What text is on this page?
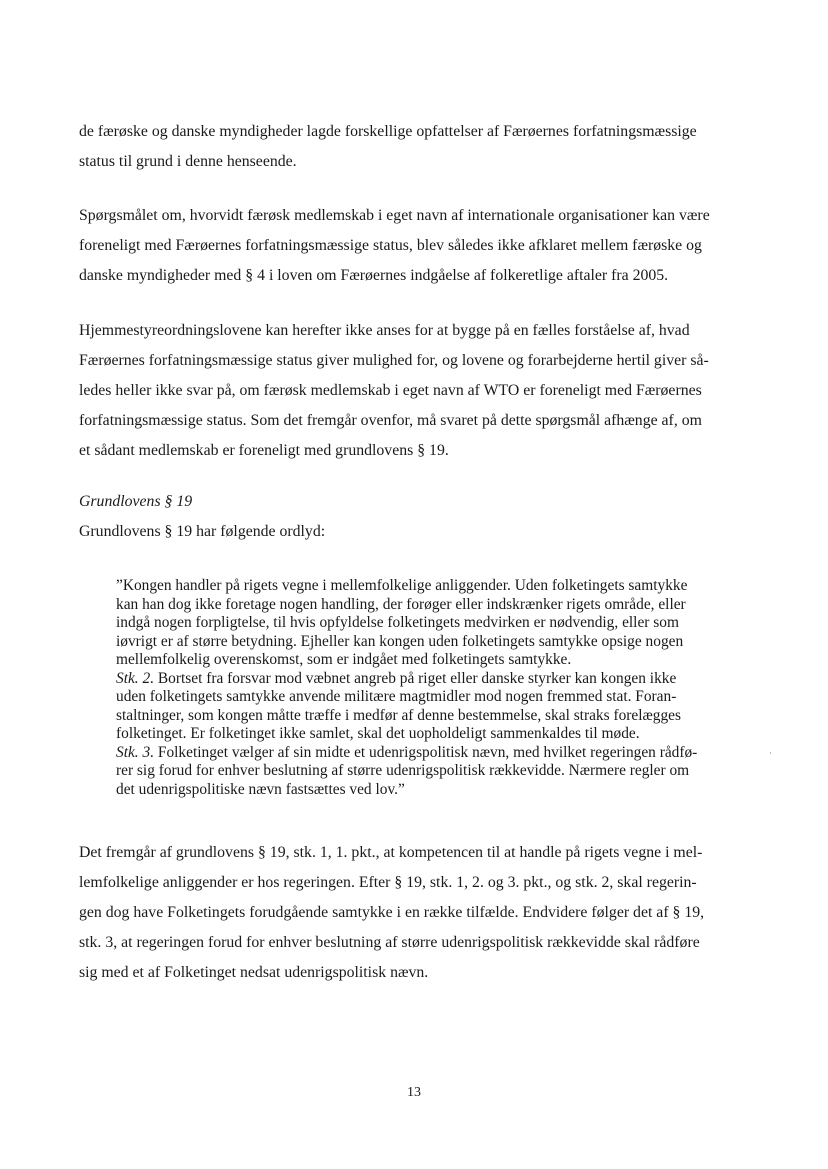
de færøske og danske myndigheder lagde forskellige opfattelser af Færøernes forfatningsmæssige
status til grund i denne henseende.
Spørgsmålet om, hvorvidt færøsk medlemskab i eget navn af internationale organisationer kan være
foreneligt med Færøernes forfatningsmæssige status, blev således ikke afklaret mellem færøske og
danske myndigheder med § 4 i loven om Færøernes indgåelse af folkeretlige aftaler fra 2005.
Hjemmestyreordningslovene kan herefter ikke anses for at bygge på en fælles forståelse af, hvad
Færøernes forfatningsmæssige status giver mulighed for, og lovene og forarbejderne hertil giver så-
ledes heller ikke svar på, om færøsk medlemskab i eget navn af WTO er foreneligt med Færøernes
forfatningsmæssige status. Som det fremgår ovenfor, må svaret på dette spørgsmål afhænge af, om
et sådant medlemskab er foreneligt med grundlovens § 19.

Grundlovens § 19

Grundlovens § 19 har følgende ordlyd:

”Kongen handler på rigets vegne i mellemfolkelige anliggender. Uden folketingets samtykke
kan han dog ikke foretage nogen handling, der forøger eller indskrænker rigets område, eller
indgå nogen forpligtelse, til hvis opfyldelse folketingets medvirken er nødvendig, eller som
iøvrigt er af større betydning. Ejheller kan kongen uden folketingets samtykke opsige nogen
mellemfolkelig overenskomst, som er indgået med folketingets samtykke.
Stk. 2. Bortset fra forsvar mod væbnet angreb på riget eller danske styrker kan kongen ikke
uden folketingets samtykke anvende militære magtmidler mod nogen fremmed stat. Foran-
staltninger, som kongen måtte træffe i medfør af denne bestemmelse, skal straks forelægges
folketinget. Er folketinget ikke samlet, skal det uopholdeligt sammenkaldes til møde.
Stk. 3. Folketinget vælger af sin midte et udenrigspolitisk nævn, med hvilket regeringen rådfø-
rer sig forud for enhver beslutning af større udenrigspolitisk rækkevidde. Nærmere regler om
det udenrigspolitiske nævn fastsættes ved lov.”
Det fremgår af grundlovens § 19, stk. 1, 1. pkt., at kompetencen til at handle på rigets vegne i mel-
lemfolkelige anliggender er hos regeringen. Efter § 19, stk. 1, 2. og 3. pkt., og stk. 2, skal regerin-
gen dog have Folketingets forudgående samtykke i en række tilfælde. Endvidere følger det af § 19,
stk. 3, at regeringen forud for enhver beslutning af større udenrigspolitisk rækkevidde skal rådføre
sig med et af Folketinget nedsat udenrigspolitisk nævn.

13
